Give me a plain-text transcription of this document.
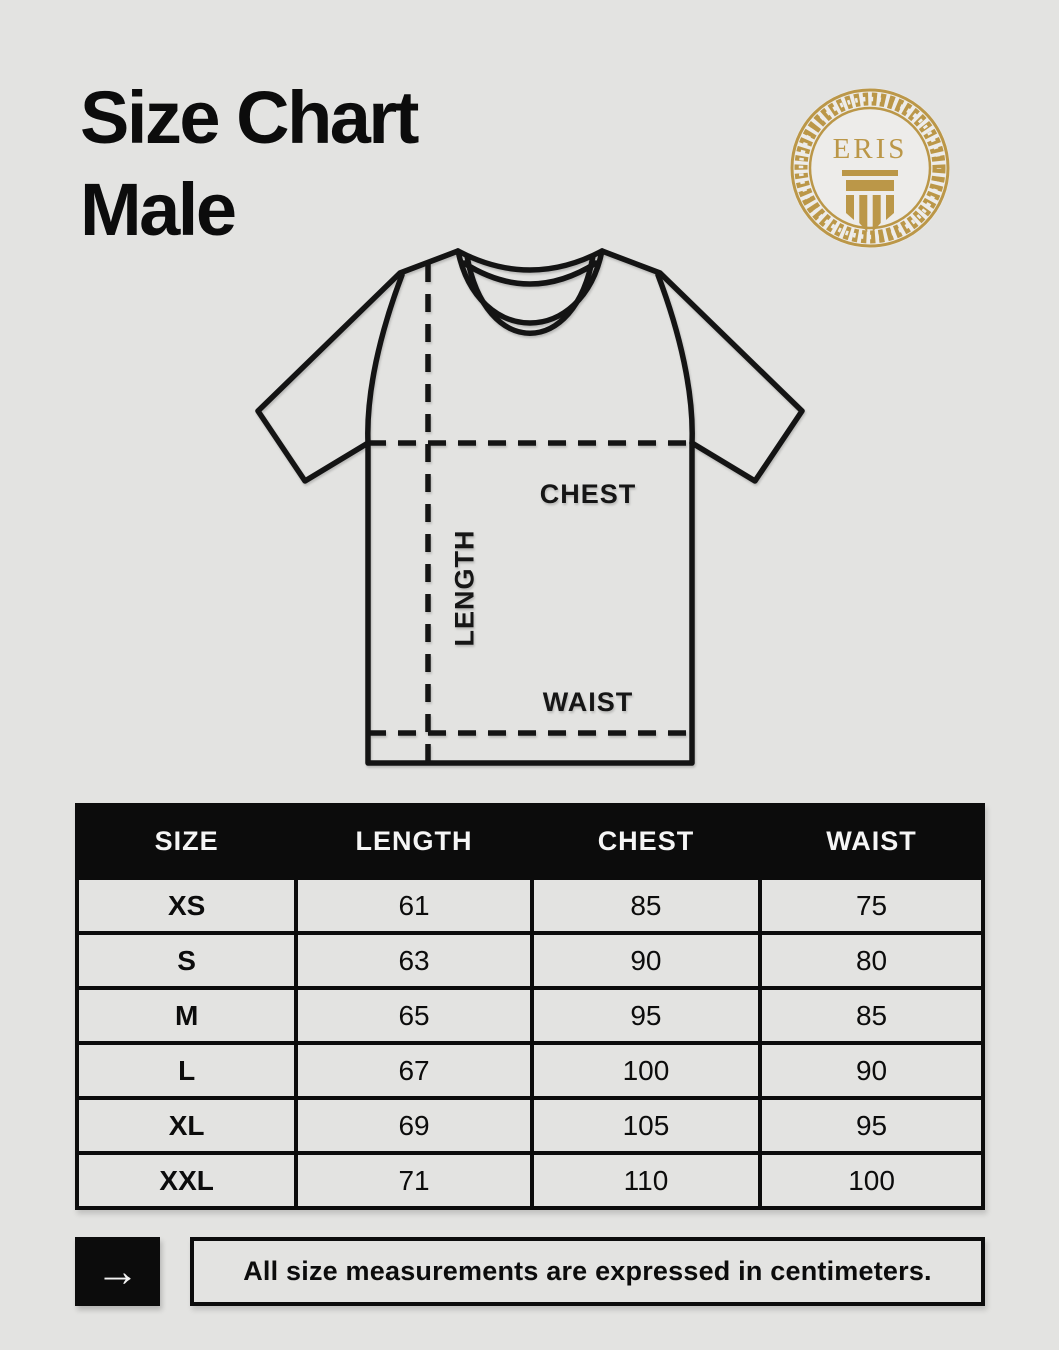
Size Chart
Male
ERIS
CHEST
LENGTH
WAIST
SIZE	LENGTH	CHEST	WAIST
XS	61	85	75
S	63	90	80
M	65	95	85
L	67	100	90
XL	69	105	95
XXL	71	110	100
→	All size measurements are expressed in centimeters.
